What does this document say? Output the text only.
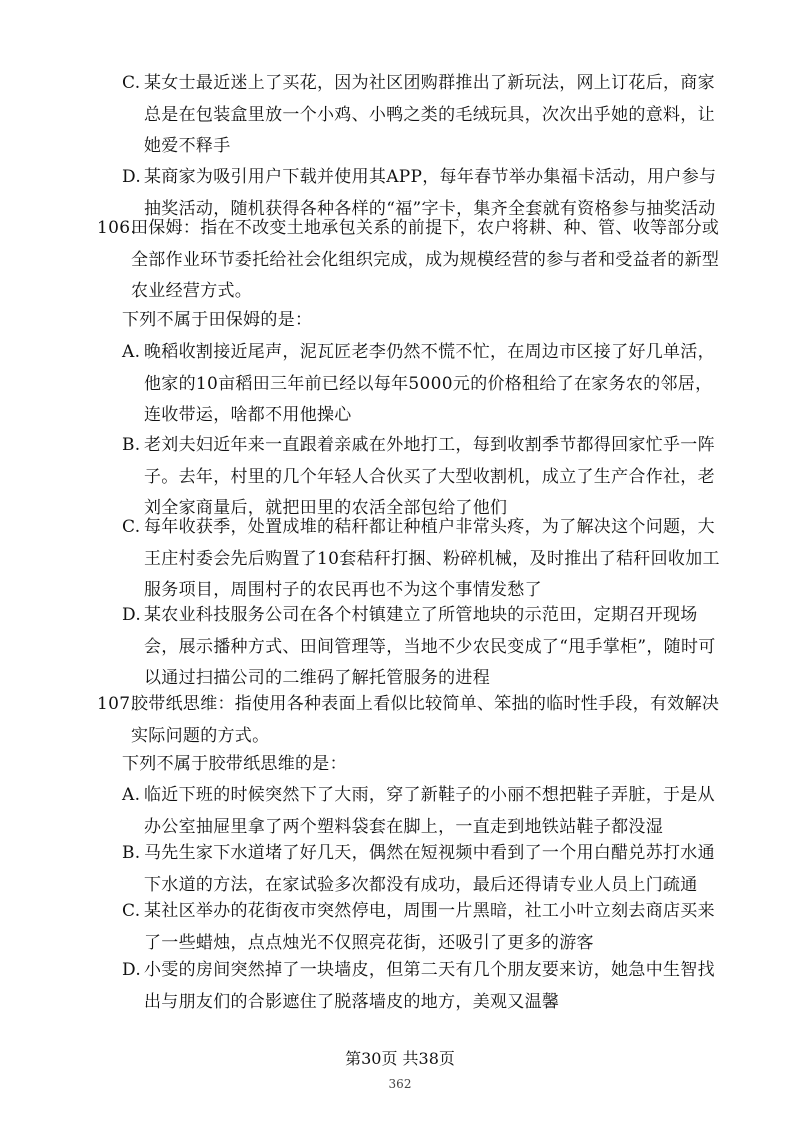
C. 某女士最近迷上了买花，因为社区团购群推出了新玩法，网上订花后，商家总是在包装盒里放一个小鸡、小鸭之类的毛绒玩具，次次出乎她的意料，让她爱不释手
D. 某商家为吸引用户下载并使用其APP，每年春节举办集福卡活动，用户参与抽奖活动，随机获得各种各样的“福”字卡，集齐全套就有资格参与抽奖活动
106.
田保姆：指在不改变土地承包关系的前提下，农户将耕、种、管、收等部分或全部作业环节委托给社会化组织完成，成为规模经营的参与者和受益者的新型农业经营方式。
下列不属于田保姆的是：
A. 晚稻收割接近尾声，泥瓦匠老李仍然不慌不忙，在周边市区接了好几单活，他家的10亩稻田三年前已经以每年5000元的价格租给了在家务农的邻居，连收带运，啥都不用他操心
B. 老刘夫妇近年来一直跟着亲戚在外地打工，每到收割季节都得回家忙乎一阵子。去年，村里的几个年轻人合伙买了大型收割机，成立了生产合作社，老刘全家商量后，就把田里的农活全部包给了他们
C. 每年收获季，处置成堆的秸秆都让种植户非常头疼，为了解决这个问题，大王庄村委会先后购置了10套秸秆打捆、粉碎机械，及时推出了秸秆回收加工服务项目，周围村子的农民再也不为这个事情发愁了
D. 某农业科技服务公司在各个村镇建立了所管地块的示范田，定期召开现场会，展示播种方式、田间管理等，当地不少农民变成了“甩手掌柜”，随时可以通过扫描公司的二维码了解托管服务的进程
107.
胶带纸思维：指使用各种表面上看似比较简单、笨拙的临时性手段，有效解决实际问题的方式。
下列不属于胶带纸思维的是：
A. 临近下班的时候突然下了大雨，穿了新鞋子的小丽不想把鞋子弄脏，于是从办公室抽屉里拿了两个塑料袋套在脚上，一直走到地铁站鞋子都没湿
B. 马先生家下水道堵了好几天，偶然在短视频中看到了一个用白醋兑苏打水通下水道的方法，在家试验多次都没有成功，最后还得请专业人员上门疏通
C. 某社区举办的花街夜市突然停电，周围一片黑暗，社工小叶立刻去商店买来了一些蜡烛，点点烛光不仅照亮花街，还吸引了更多的游客
D. 小雯的房间突然掉了一块墙皮，但第二天有几个朋友要来访，她急中生智找出与朋友们的合影遮住了脱落墙皮的地方，美观又温馨
第30页 共38页
362
